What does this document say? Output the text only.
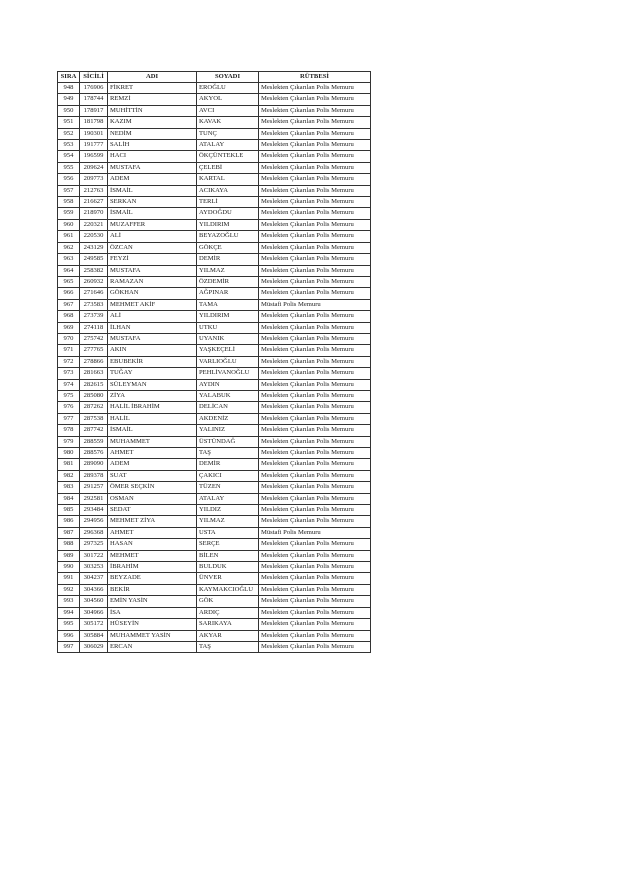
SIRA	SİCİLİ	ADI	SOYADI	RÜTBESİ
948	176906	FİKRET	EROĞLU	Meslekten Çıkarılan Polis Memuru
949	178744	REMZİ	AKYOL	Meslekten Çıkarılan Polis Memuru
950	178917	MUHİTTİN	AVCI	Meslekten Çıkarılan Polis Memuru
951	181798	KAZIM	KAVAK	Meslekten Çıkarılan Polis Memuru
952	190301	NEDİM	TUNÇ	Meslekten Çıkarılan Polis Memuru
953	191777	SALİH	ATALAY	Meslekten Çıkarılan Polis Memuru
954	196599	HACI	ÖKÇÜNTEKLE	Meslekten Çıkarılan Polis Memuru
955	209624	MUSTAFA	ÇELEBİ	Meslekten Çıkarılan Polis Memuru
956	209773	ADEM	KARTAL	Meslekten Çıkarılan Polis Memuru
957	212763	İSMAİL	ACIKAYA	Meslekten Çıkarılan Polis Memuru
958	216627	SERKAN	TERLİ	Meslekten Çıkarılan Polis Memuru
959	218970	İSMAİL	AYDOĞDU	Meslekten Çıkarılan Polis Memuru
960	220321	MUZAFFER	YILDIRIM	Meslekten Çıkarılan Polis Memuru
961	220530	ALİ	BEYAZOĞLU	Meslekten Çıkarılan Polis Memuru
962	243129	ÖZCAN	GÖKÇE	Meslekten Çıkarılan Polis Memuru
963	249585	FEYZİ	DEMİR	Meslekten Çıkarılan Polis Memuru
964	258382	MUSTAFA	YILMAZ	Meslekten Çıkarılan Polis Memuru
965	260932	RAMAZAN	ÖZDEMİR	Meslekten Çıkarılan Polis Memuru
966	271646	GÖKHAN	AĞPINAR	Meslekten Çıkarılan Polis Memuru
967	273583	MEHMET AKİF	TAMA	Müstafi Polis Memuru
968	273739	ALİ	YILDIRIM	Meslekten Çıkarılan Polis Memuru
969	274118	İLHAN	UTKU	Meslekten Çıkarılan Polis Memuru
970	275742	MUSTAFA	UYANIK	Meslekten Çıkarılan Polis Memuru
971	277765	AKIN	YAŞKEÇELİ	Meslekten Çıkarılan Polis Memuru
972	278866	EBUBEKİR	VARLIOĞLU	Meslekten Çıkarılan Polis Memuru
973	281663	TUĞAY	PEHLİVANOĞLU	Meslekten Çıkarılan Polis Memuru
974	282615	SÜLEYMAN	AYDIN	Meslekten Çıkarılan Polis Memuru
975	285080	ZİYA	YALABUK	Meslekten Çıkarılan Polis Memuru
976	287262	HALİL İBRAHİM	DELİCAN	Meslekten Çıkarılan Polis Memuru
977	287538	HALİL	AKDENİZ	Meslekten Çıkarılan Polis Memuru
978	287742	İSMAİL	YALINIZ	Meslekten Çıkarılan Polis Memuru
979	288559	MUHAMMET	ÜSTÜNDAĞ	Meslekten Çıkarılan Polis Memuru
980	288576	AHMET	TAŞ	Meslekten Çıkarılan Polis Memuru
981	289090	ADEM	DEMİR	Meslekten Çıkarılan Polis Memuru
982	289378	SUAT	ÇAKICI	Meslekten Çıkarılan Polis Memuru
983	291257	ÖMER SEÇKİN	TÜZEN	Meslekten Çıkarılan Polis Memuru
984	292581	OSMAN	ATALAY	Meslekten Çıkarılan Polis Memuru
985	293484	SEDAT	YILDIZ	Meslekten Çıkarılan Polis Memuru
986	294956	MEHMET ZİYA	YILMAZ	Meslekten Çıkarılan Polis Memuru
987	296368	AHMET	USTA	Müstafi Polis Memuru
988	297325	HASAN	SERÇE	Meslekten Çıkarılan Polis Memuru
989	301722	MEHMET	BİLEN	Meslekten Çıkarılan Polis Memuru
990	303253	İBRAHİM	BULDUK	Meslekten Çıkarılan Polis Memuru
991	304237	BEYZADE	ÜNVER	Meslekten Çıkarılan Polis Memuru
992	304366	BEKİR	KAYMAKCIOĞLU	Meslekten Çıkarılan Polis Memuru
993	304560	EMİN YASİN	GÖK	Meslekten Çıkarılan Polis Memuru
994	304966	İSA	ARDIÇ	Meslekten Çıkarılan Polis Memuru
995	305172	HÜSEYİN	SARIKAYA	Meslekten Çıkarılan Polis Memuru
996	305884	MUHAMMET YASİN	AKYAR	Meslekten Çıkarılan Polis Memuru
997	306029	ERCAN	TAŞ	Meslekten Çıkarılan Polis Memuru
